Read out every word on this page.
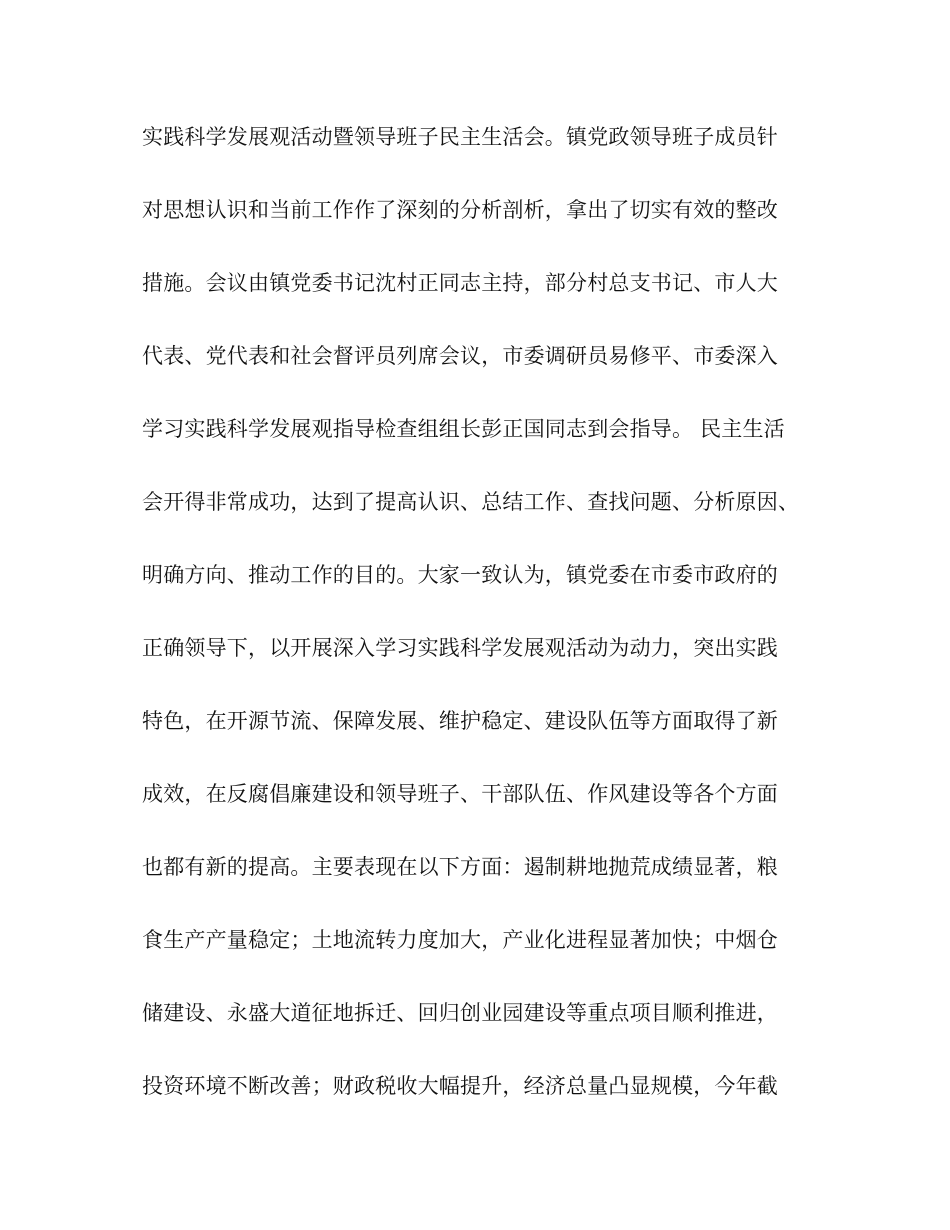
实践科学发展观活动暨领导班子民主生活会。镇党政领导班子成员针
对思想认识和当前工作作了深刻的分析剖析，拿出了切实有效的整改
措施。会议由镇党委书记沈村正同志主持，部分村总支书记、市人大
代表、党代表和社会督评员列席会议，市委调研员易修平、市委深入
学习实践科学发展观指导检查组组长彭正国同志到会指导。 民主生活
会开得非常成功，达到了提高认识、总结工作、查找问题、分析原因、
明确方向、推动工作的目的。大家一致认为，镇党委在市委市政府的
正确领导下，以开展深入学习实践科学发展观活动为动力，突出实践
特色，在开源节流、保障发展、维护稳定、建设队伍等方面取得了新
成效，在反腐倡廉建设和领导班子、干部队伍、作风建设等各个方面
也都有新的提高。主要表现在以下方面：遏制耕地抛荒成绩显著，粮
食生产产量稳定；土地流转力度加大，产业化进程显著加快；中烟仓
储建设、永盛大道征地拆迁、回归创业园建设等重点项目顺利推进，
投资环境不断改善；财政税收大幅提升，经济总量凸显规模，今年截
